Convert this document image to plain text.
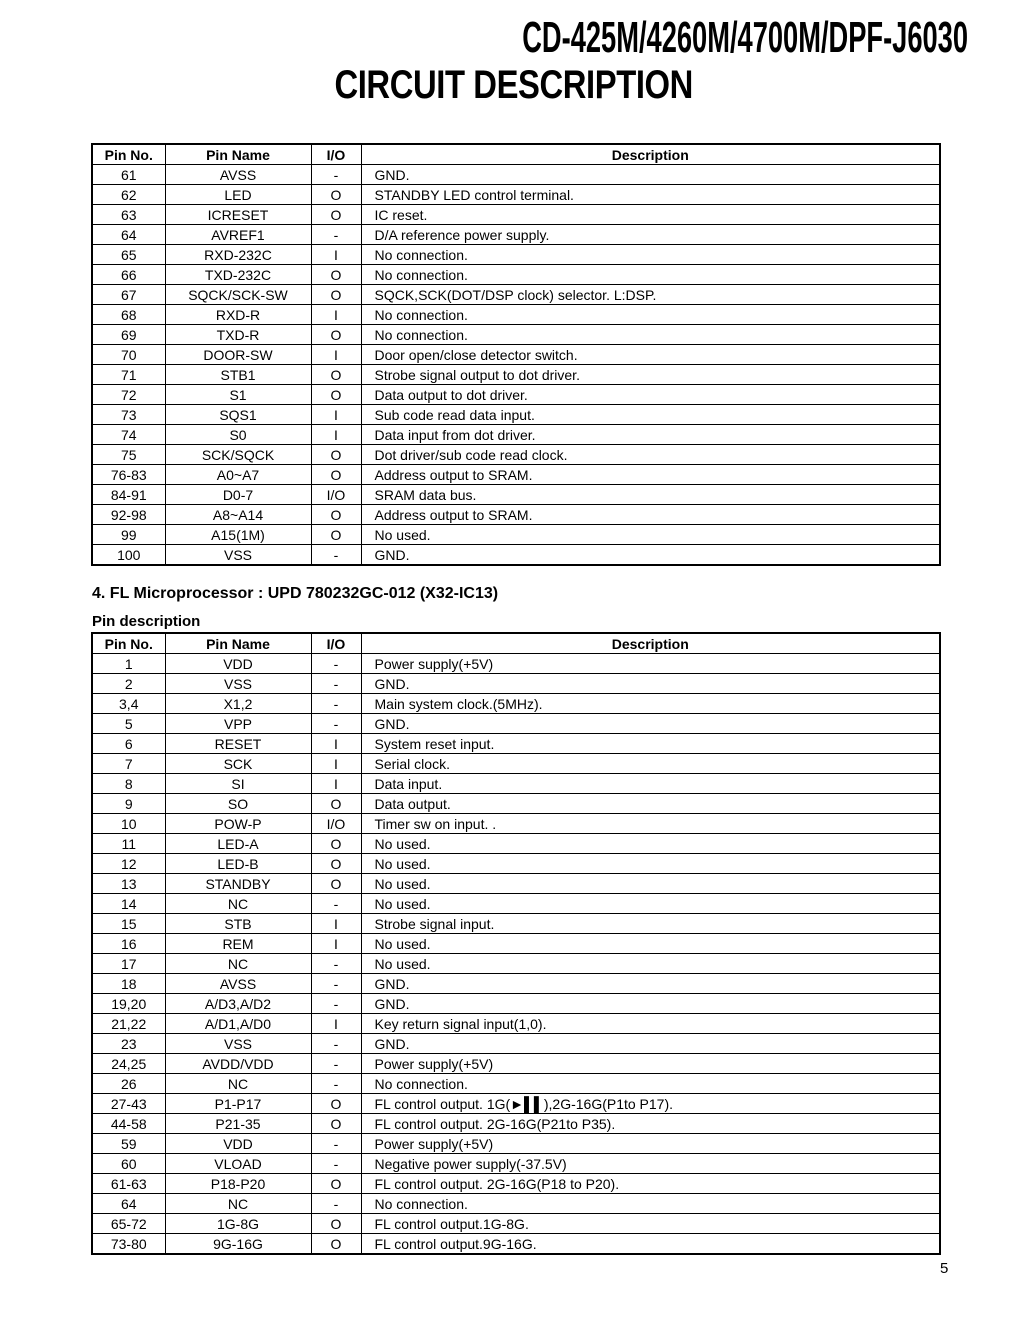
CD-425M/4260M/4700M/DPF-J6030
CIRCUIT DESCRIPTION
Pin No.	Pin Name	I/O	Description
61	AVSS	-	GND.
62	LED	O	STANDBY LED control terminal.
63	ICRESET	O	IC reset.
64	AVREF1	-	D/A reference power supply.
65	RXD-232C	I	No connection.
66	TXD-232C	O	No connection.
67	SQCK/SCK-SW	O	SQCK,SCK(DOT/DSP clock) selector. L:DSP.
68	RXD-R	I	No connection.
69	TXD-R	O	No connection.
70	DOOR-SW	I	Door open/close detector switch.
71	STB1	O	Strobe signal output to dot driver.
72	S1	O	Data output to dot driver.
73	SQS1	I	Sub code read data input.
74	S0	I	Data input from dot driver.
75	SCK/SQCK	O	Dot driver/sub code read clock.
76-83	A0~A7	O	Address output to SRAM.
84-91	D0-7	I/O	SRAM data bus.
92-98	A8~A14	O	Address output to SRAM.
99	A15(1M)	O	No used.
100	VSS	-	GND.
4. FL Microprocessor : UPD 780232GC-012 (X32-IC13)
Pin description
Pin No.	Pin Name	I/O	Description
1	VDD	-	Power supply(+5V)
2	VSS	-	GND.
3,4	X1,2	-	Main system clock.(5MHz).
5	VPP	-	GND.
6	RESET	I	System reset input.
7	SCK	I	Serial clock.
8	SI	I	Data input.
9	SO	O	Data output.
10	POW-P	I/O	Timer sw on input. .
11	LED-A	O	No used.
12	LED-B	O	No used.
13	STANDBY	O	No used.
14	NC	-	No used.
15	STB	I	Strobe signal input.
16	REM	I	No used.
17	NC	-	No used.
18	AVSS	-	GND.
19,20	A/D3,A/D2	-	GND.
21,22	A/D1,A/D0	I	Key return signal input(1,0).
23	VSS	-	GND.
24,25	AVDD/VDD	-	Power supply(+5V)
26	NC	-	No connection.
27-43	P1-P17	O	FL control output. 1G(►▌▌),2G-16G(P1to P17).
44-58	P21-35	O	FL control output. 2G-16G(P21to P35).
59	VDD	-	Power supply(+5V)
60	VLOAD	-	Negative power supply(-37.5V)
61-63	P18-P20	O	FL control output. 2G-16G(P18 to P20).
64	NC	-	No connection.
65-72	1G-8G	O	FL control output.1G-8G.
73-80	9G-16G	O	FL control output.9G-16G.
5
